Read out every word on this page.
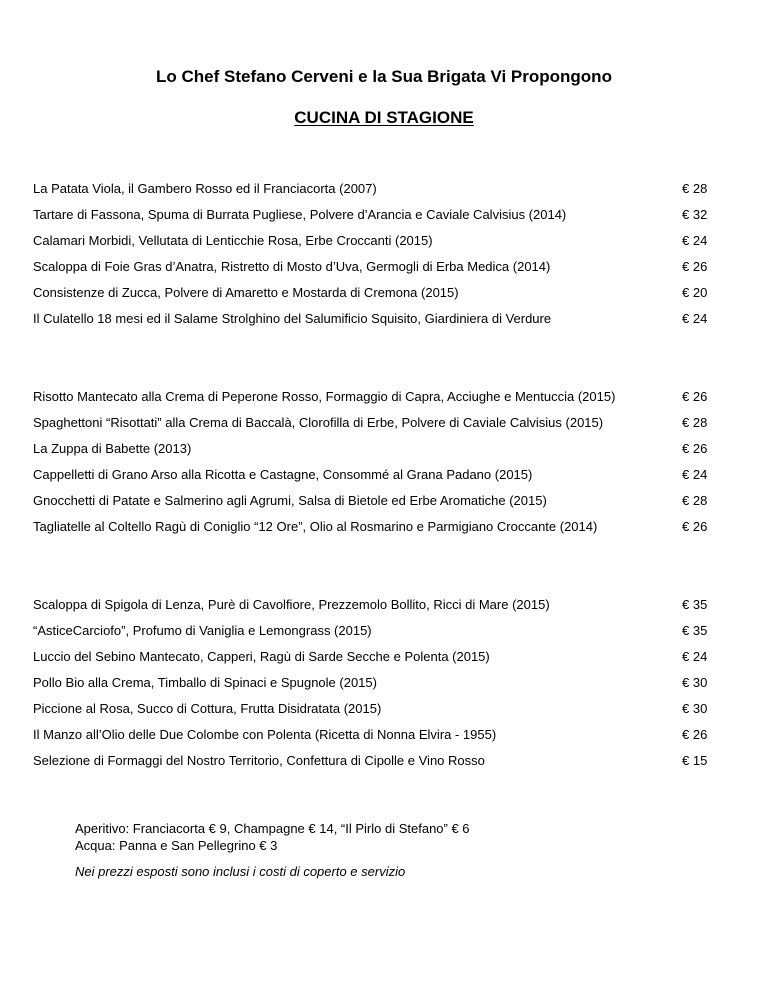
Lo Chef Stefano Cerveni e la Sua Brigata Vi Propongono
CUCINA DI STAGIONE
La Patata Viola, il Gambero Rosso ed il Franciacorta (2007)	€ 28
Tartare di Fassona, Spuma di Burrata Pugliese, Polvere d’Arancia e Caviale Calvisius (2014)	€ 32
Calamari Morbidi, Vellutata di Lenticchie Rosa, Erbe Croccanti (2015)	€ 24
Scaloppa di Foie Gras d’Anatra, Ristretto di Mosto d’Uva, Germogli di Erba Medica (2014)	€ 26
Consistenze di Zucca, Polvere di Amaretto e Mostarda di Cremona (2015)	€ 20
Il Culatello 18 mesi ed il Salame Strolghino del Salumificio Squisito, Giardiniera di Verdure	€ 24
Risotto Mantecato alla Crema di Peperone Rosso, Formaggio di Capra, Acciughe e Mentuccia (2015)	€ 26
Spaghettoni “Risottati” alla Crema di Baccalà, Clorofilla di Erbe, Polvere di Caviale Calvisius (2015)	€ 28
La Zuppa di Babette (2013)	€ 26
Cappelletti di Grano Arso alla Ricotta e Castagne, Consommé al Grana Padano (2015)	€ 24
Gnocchetti di Patate e Salmerino agli Agrumi, Salsa di Bietole ed Erbe Aromatiche (2015)	€ 28
Tagliatelle al Coltello Ragù di Coniglio “12 Ore”, Olio al Rosmarino e Parmigiano Croccante (2014)	€ 26
Scaloppa di Spigola di Lenza, Purè di Cavolfiore, Prezzemolo Bollito, Ricci di Mare (2015)	€ 35
“AsticeCarciofo”, Profumo di Vaniglia e Lemongrass (2015)	€ 35
Luccio del Sebino Mantecato, Capperi, Ragù di Sarde Secche e Polenta (2015)	€ 24
Pollo Bio alla Crema, Timballo di Spinaci e Spugnole (2015)	€ 30
Piccione al Rosa, Succo di Cottura, Frutta Disidratata (2015)	€ 30
Il Manzo all’Olio delle Due Colombe con Polenta (Ricetta di Nonna Elvira - 1955)	€ 26
Selezione di Formaggi del Nostro Territorio, Confettura di Cipolle e Vino Rosso	€ 15
Aperitivo: Franciacorta € 9, Champagne € 14, “Il Pirlo di Stefano” € 6
Acqua: Panna e San Pellegrino € 3
Nei prezzi esposti sono inclusi i costi di coperto e servizio
